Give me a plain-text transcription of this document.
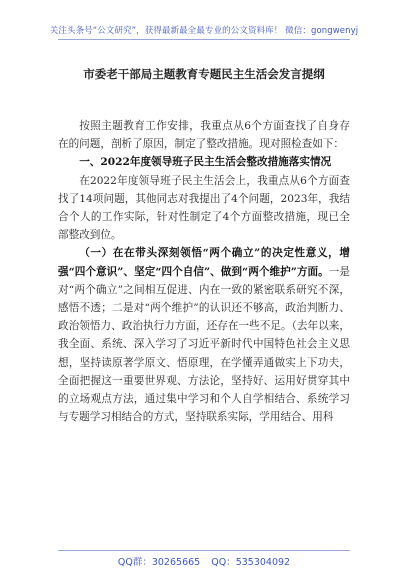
关注头条号“公文研究”，获得最新最全最专业的公文资料库！ 微信：gongwenyj
市委老干部局主题教育专题民主生活会发言提纲

按照主题教育工作安排，我重点从6个方面查找了自身存在的问题，剖析了原因，制定了整改措施。现对照检查如下：

一、2022年度领导班子民主生活会整改措施落实情况

在2022年度领导班子民主生活会上，我重点从6个方面查找了14项问题，其他同志对我提出了4个问题，2023年，我结合个人的工作实际，针对性制定了4个方面整改措施，现已全部整改到位。

（一）在在带头深刻领悟“两个确立”的决定性意义，增强“四个意识”、坚定“四个自信”、做到“两个维护”方面。一是对“两个确立”之间相互促进、内在一致的紧密联系研究不深，感悟不透；二是对“两个维护”的认识还不够高，政治判断力、政治领悟力、政治执行力方面，还存在一些不足。（去年以来，我全面、系统、深入学习了习近平新时代中国特色社会主义思想，坚持读原著学原文、悟原理，在学懂弄通做实上下功夫，全面把握这一重要世界观、方法论，坚持好、运用好贯穿其中的立场观点方法，通过集中学习和个人自学相结合、系统学习与专题学习相结合的方式，坚持联系实际，学用结合、用科

QQ群：30265665 QQ：535304092
